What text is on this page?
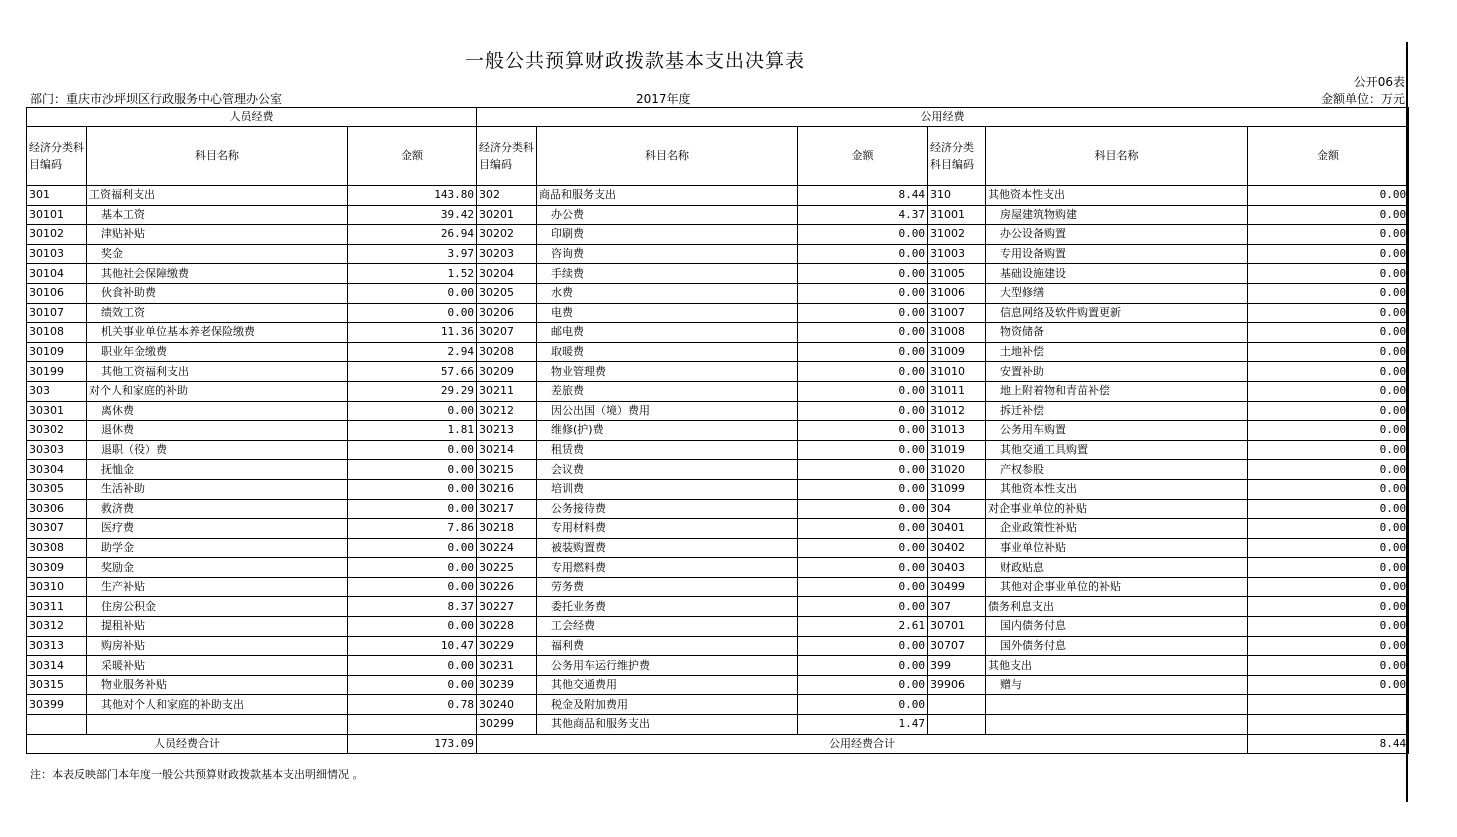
一般公共预算财政拨款基本支出决算表
公开06表
部门：重庆市沙坪坝区行政服务中心管理办公室	2017年度	金额单位：万元
人员经费			公用经费					
经济分类科目编码	科目名称	金额	经济分类科目编码	科目名称	金额	经济分类科目编码	科目名称	金额
301	工资福利支出	143.80	302	商品和服务支出	8.44	310	其他资本性支出	0.00
30101	基本工资	39.42	30201	办公费	4.37	31001	房屋建筑物购建	0.00
30102	津贴补贴	26.94	30202	印刷费	0.00	31002	办公设备购置	0.00
30103	奖金	3.97	30203	咨询费	0.00	31003	专用设备购置	0.00
30104	其他社会保障缴费	1.52	30204	手续费	0.00	31005	基础设施建设	0.00
30106	伙食补助费	0.00	30205	水费	0.00	31006	大型修缮	0.00
30107	绩效工资	0.00	30206	电费	0.00	31007	信息网络及软件购置更新	0.00
30108	机关事业单位基本养老保险缴费	11.36	30207	邮电费	0.00	31008	物资储备	0.00
30109	职业年金缴费	2.94	30208	取暖费	0.00	31009	土地补偿	0.00
30199	其他工资福利支出	57.66	30209	物业管理费	0.00	31010	安置补助	0.00
303	对个人和家庭的补助	29.29	30211	差旅费	0.00	31011	地上附着物和青苗补偿	0.00
30301	离休费	0.00	30212	因公出国（境）费用	0.00	31012	拆迁补偿	0.00
30302	退休费	1.81	30213	维修(护)费	0.00	31013	公务用车购置	0.00
30303	退职（役）费	0.00	30214	租赁费	0.00	31019	其他交通工具购置	0.00
30304	抚恤金	0.00	30215	会议费	0.00	31020	产权参股	0.00
30305	生活补助	0.00	30216	培训费	0.00	31099	其他资本性支出	0.00
30306	救济费	0.00	30217	公务接待费	0.00	304	对企事业单位的补贴	0.00
30307	医疗费	7.86	30218	专用材料费	0.00	30401	企业政策性补贴	0.00
30308	助学金	0.00	30224	被装购置费	0.00	30402	事业单位补贴	0.00
30309	奖励金	0.00	30225	专用燃料费	0.00	30403	财政贴息	0.00
30310	生产补贴	0.00	30226	劳务费	0.00	30499	其他对企事业单位的补贴	0.00
30311	住房公积金	8.37	30227	委托业务费	0.00	307	债务利息支出	0.00
30312	提租补贴	0.00	30228	工会经费	2.61	30701	国内债务付息	0.00
30313	购房补贴	10.47	30229	福利费	0.00	30707	国外债务付息	0.00
30314	采暖补贴	0.00	30231	公务用车运行维护费	0.00	399	其他支出	0.00
30315	物业服务补贴	0.00	30239	其他交通费用	0.00	39906	赠与	0.00
30399	其他对个人和家庭的补助支出	0.78	30240	税金及附加费用	0.00			
			30299	其他商品和服务支出	1.47			
人员经费合计		173.09	公用经费合计					8.44
注：本表反映部门本年度一般公共预算财政拨款基本支出明细情况 。
